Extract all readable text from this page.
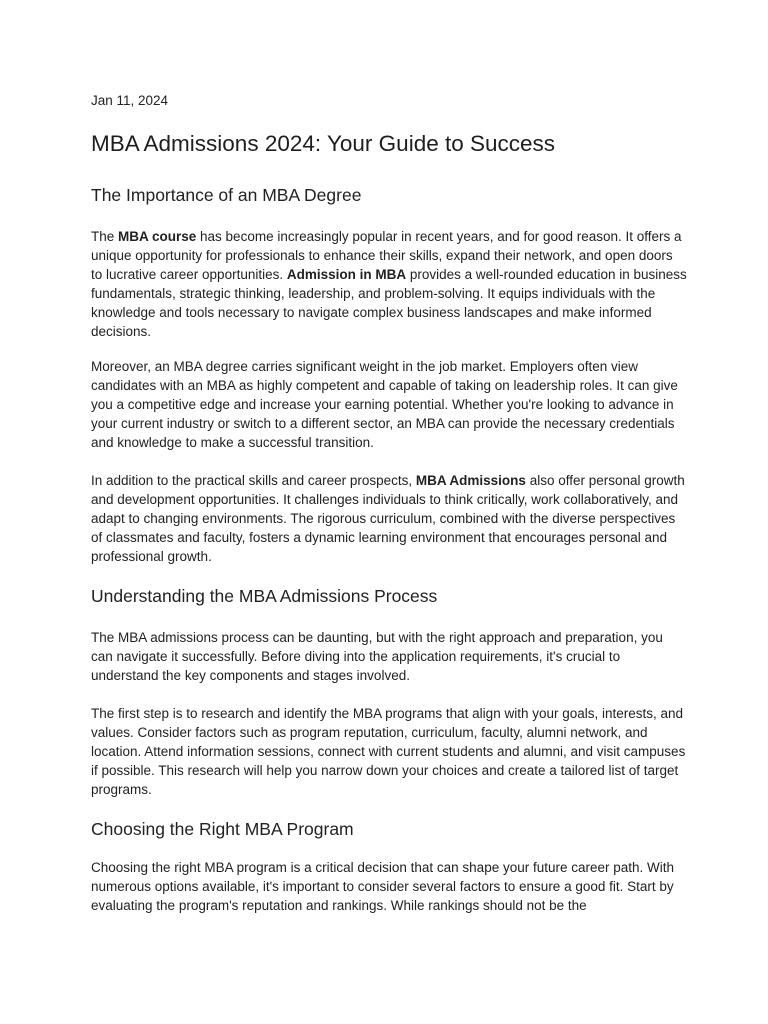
Jan 11, 2024
MBA Admissions 2024: Your Guide to Success
The Importance of an MBA Degree

The MBA course has become increasingly popular in recent years, and for good reason. It offers a unique opportunity for professionals to enhance their skills, expand their network, and open doors to lucrative career opportunities. Admission in MBA provides a well-rounded education in business fundamentals, strategic thinking, leadership, and problem-solving. It equips individuals with the knowledge and tools necessary to navigate complex business landscapes and make informed decisions.

Moreover, an MBA degree carries significant weight in the job market. Employers often view candidates with an MBA as highly competent and capable of taking on leadership roles. It can give you a competitive edge and increase your earning potential. Whether you're looking to advance in your current industry or switch to a different sector, an MBA can provide the necessary credentials and knowledge to make a successful transition.

In addition to the practical skills and career prospects, MBA Admissions also offer personal growth and development opportunities. It challenges individuals to think critically, work collaboratively, and adapt to changing environments. The rigorous curriculum, combined with the diverse perspectives of classmates and faculty, fosters a dynamic learning environment that encourages personal and professional growth.

Understanding the MBA Admissions Process

The MBA admissions process can be daunting, but with the right approach and preparation, you can navigate it successfully. Before diving into the application requirements, it's crucial to understand the key components and stages involved.

The first step is to research and identify the MBA programs that align with your goals, interests, and values. Consider factors such as program reputation, curriculum, faculty, alumni network, and location. Attend information sessions, connect with current students and alumni, and visit campuses if possible. This research will help you narrow down your choices and create a tailored list of target programs.

Choosing the Right MBA Program

Choosing the right MBA program is a critical decision that can shape your future career path. With numerous options available, it's important to consider several factors to ensure a good fit. Start by evaluating the program's reputation and rankings. While rankings should not be the
